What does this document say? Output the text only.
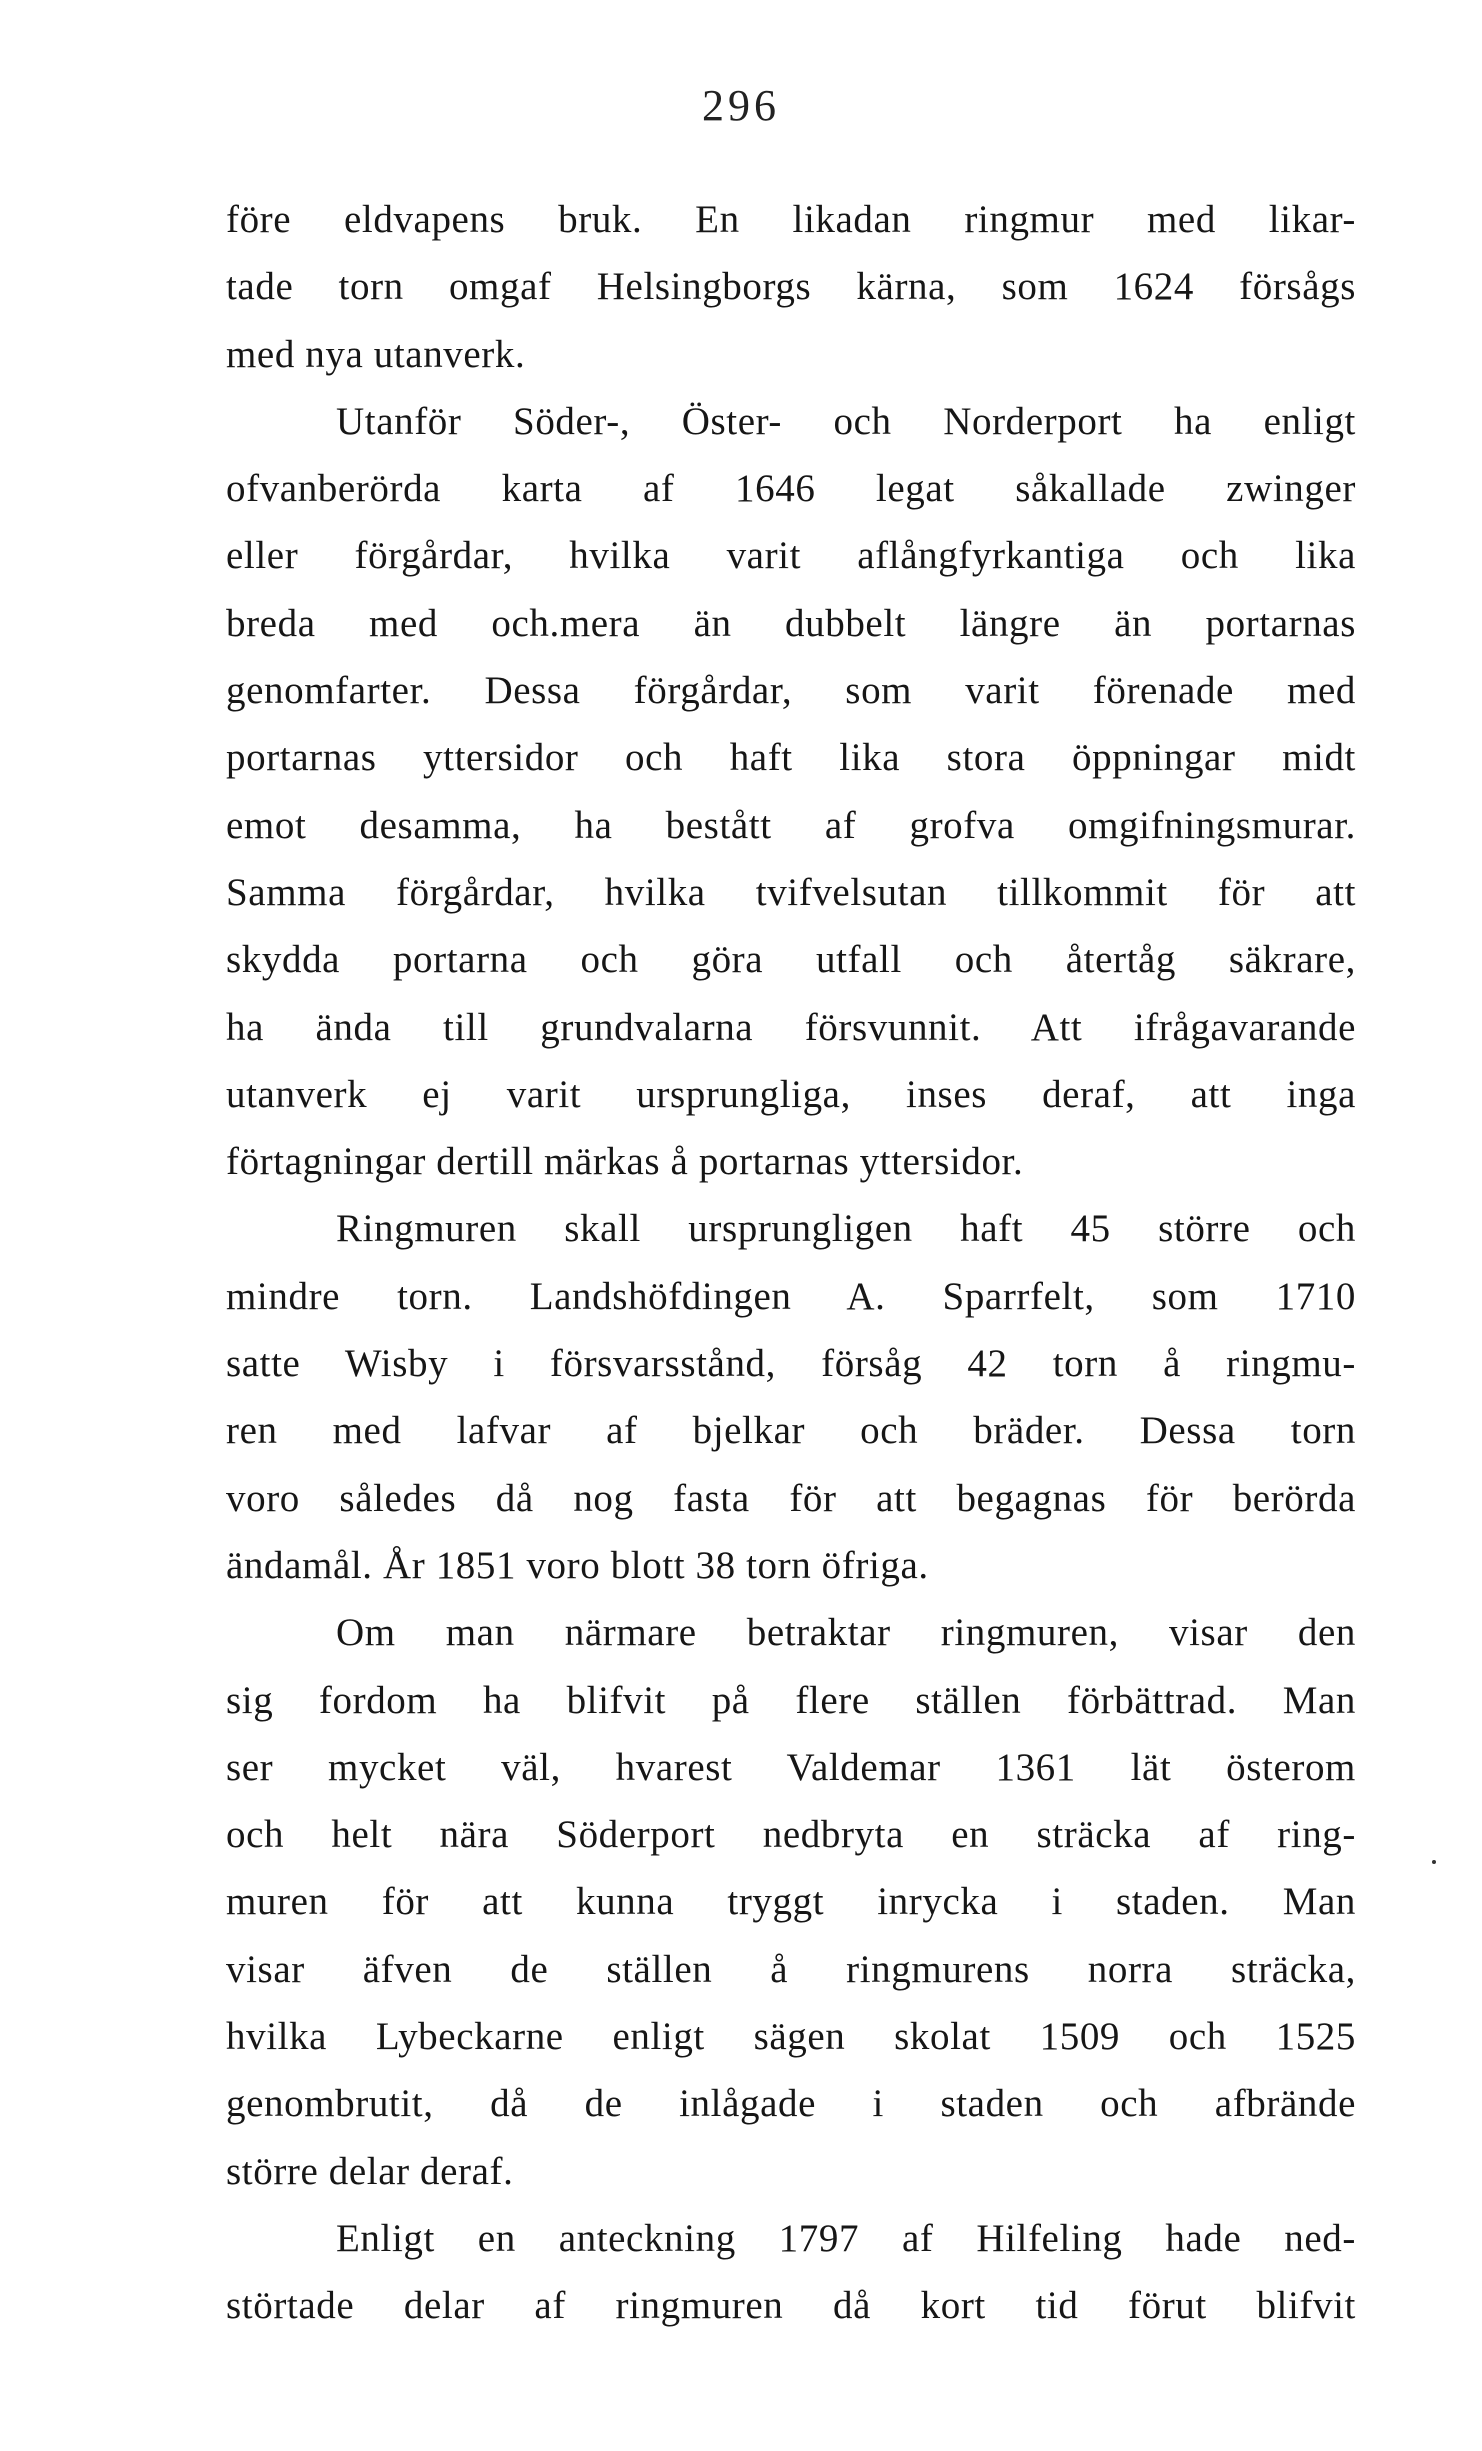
296
före eldvapens bruk. En likadan ringmur med likar-
tade torn omgaf Helsingborgs kärna, som 1624 försågs
med nya utanverk.
Utanför Söder-, Öster- och Norderport ha enligt
ofvanberörda karta af 1646 legat såkallade zwinger
eller förgårdar, hvilka varit aflångfyrkantiga och lika
breda med och.mera än dubbelt längre än portarnas
genomfarter. Dessa förgårdar, som varit förenade med
portarnas yttersidor och haft lika stora öppningar midt
emot desamma, ha bestått af grofva omgifningsmurar.
Samma förgårdar, hvilka tvifvelsutan tillkommit för att
skydda portarna och göra utfall och återtåg säkrare,
ha ända till grundvalarna försvunnit. Att ifrågavarande
utanverk ej varit ursprungliga, inses deraf, att inga
förtagningar dertill märkas å portarnas yttersidor.
Ringmuren skall ursprungligen haft 45 större och
mindre torn. Landshöfdingen A. Sparrfelt, som 1710
satte Wisby i försvarsstånd, försåg 42 torn å ringmu-
ren med lafvar af bjelkar och bräder. Dessa torn
voro således då nog fasta för att begagnas för berörda
ändamål. År 1851 voro blott 38 torn öfriga.
Om man närmare betraktar ringmuren, visar den
sig fordom ha blifvit på flere ställen förbättrad. Man
ser mycket väl, hvarest Valdemar 1361 lät österom
och helt nära Söderport nedbryta en sträcka af ring-
muren för att kunna tryggt inrycka i staden. Man
visar äfven de ställen å ringmurens norra sträcka,
hvilka Lybeckarne enligt sägen skolat 1509 och 1525
genombrutit, då de inlågade i staden och afbrände
större delar deraf.
Enligt en anteckning 1797 af Hilfeling hade ned-
störtade delar af ringmuren då kort tid förut blifvit
